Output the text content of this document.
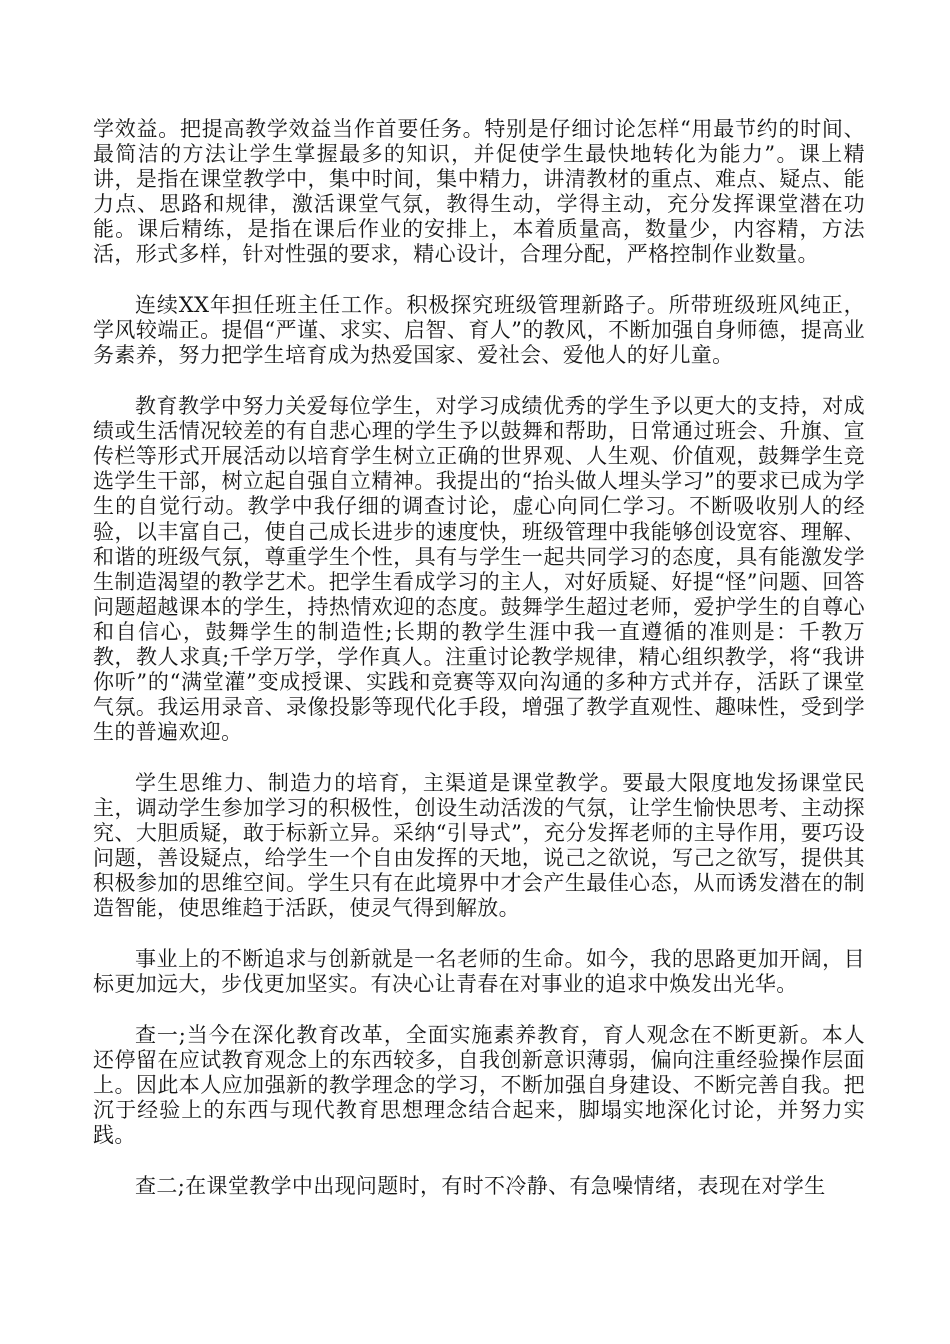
学效益。把提高教学效益当作首要任务。特别是仔细讨论怎样“用最节约的时间、最简洁的方法让学生掌握最多的知识，并促使学生最快地转化为能力”。课上精讲，是指在课堂教学中，集中时间，集中精力，讲清教材的重点、难点、疑点、能力点、思路和规律，激活课堂气氛，教得生动，学得主动，充分发挥课堂潜在功能。课后精练，是指在课后作业的安排上，本着质量高，数量少，内容精，方法活，形式多样，针对性强的要求，精心设计，合理分配，严格控制作业数量。

连续XX年担任班主任工作。积极探究班级管理新路子。所带班级班风纯正，学风较端正。提倡“严谨、求实、启智、育人”的教风，不断加强自身师德，提高业务素养，努力把学生培育成为热爱国家、爱社会、爱他人的好儿童。

教育教学中努力关爱每位学生，对学习成绩优秀的学生予以更大的支持，对成绩或生活情况较差的有自悲心理的学生予以鼓舞和帮助，日常通过班会、升旗、宣传栏等形式开展活动以培育学生树立正确的世界观、人生观、价值观，鼓舞学生竞选学生干部，树立起自强自立精神。我提出的“抬头做人埋头学习”的要求已成为学生的自觉行动。教学中我仔细的调查讨论，虚心向同仁学习。不断吸收别人的经验，以丰富自己，使自己成长进步的速度快，班级管理中我能够创设宽容、理解、和谐的班级气氛，尊重学生个性，具有与学生一起共同学习的态度，具有能激发学生制造渴望的教学艺术。把学生看成学习的主人，对好质疑、好提“怪”问题、回答问题超越课本的学生，持热情欢迎的态度。鼓舞学生超过老师，爱护学生的自尊心和自信心，鼓舞学生的制造性;长期的教学生涯中我一直遵循的准则是：千教万教，教人求真;千学万学，学作真人。注重讨论教学规律，精心组织教学，将“我讲你听”的“满堂灌”变成授课、实践和竞赛等双向沟通的多种方式并存，活跃了课堂气氛。我运用录音、录像投影等现代化手段，增强了教学直观性、趣味性，受到学生的普遍欢迎。

学生思维力、制造力的培育，主渠道是课堂教学。要最大限度地发扬课堂民主，调动学生参加学习的积极性，创设生动活泼的气氛，让学生愉快思考、主动探究、大胆质疑，敢于标新立异。采纳“引导式”，充分发挥老师的主导作用，要巧设问题，善设疑点，给学生一个自由发挥的天地，说己之欲说，写己之欲写，提供其积极参加的思维空间。学生只有在此境界中才会产生最佳心态，从而诱发潜在的制造智能，使思维趋于活跃，使灵气得到解放。

事业上的不断追求与创新就是一名老师的生命。如今，我的思路更加开阔，目标更加远大，步伐更加坚实。有决心让青春在对事业的追求中焕发出光华。

查一;当今在深化教育改革，全面实施素养教育，育人观念在不断更新。本人还停留在应试教育观念上的东西较多，自我创新意识薄弱，偏向注重经验操作层面上。因此本人应加强新的教学理念的学习，不断加强自身建设、不断完善自我。把沉于经验上的东西与现代教育思想理念结合起来，脚塌实地深化讨论，并努力实践。

查二;在课堂教学中出现问题时，有时不冷静、有急噪情绪，表现在对学生
